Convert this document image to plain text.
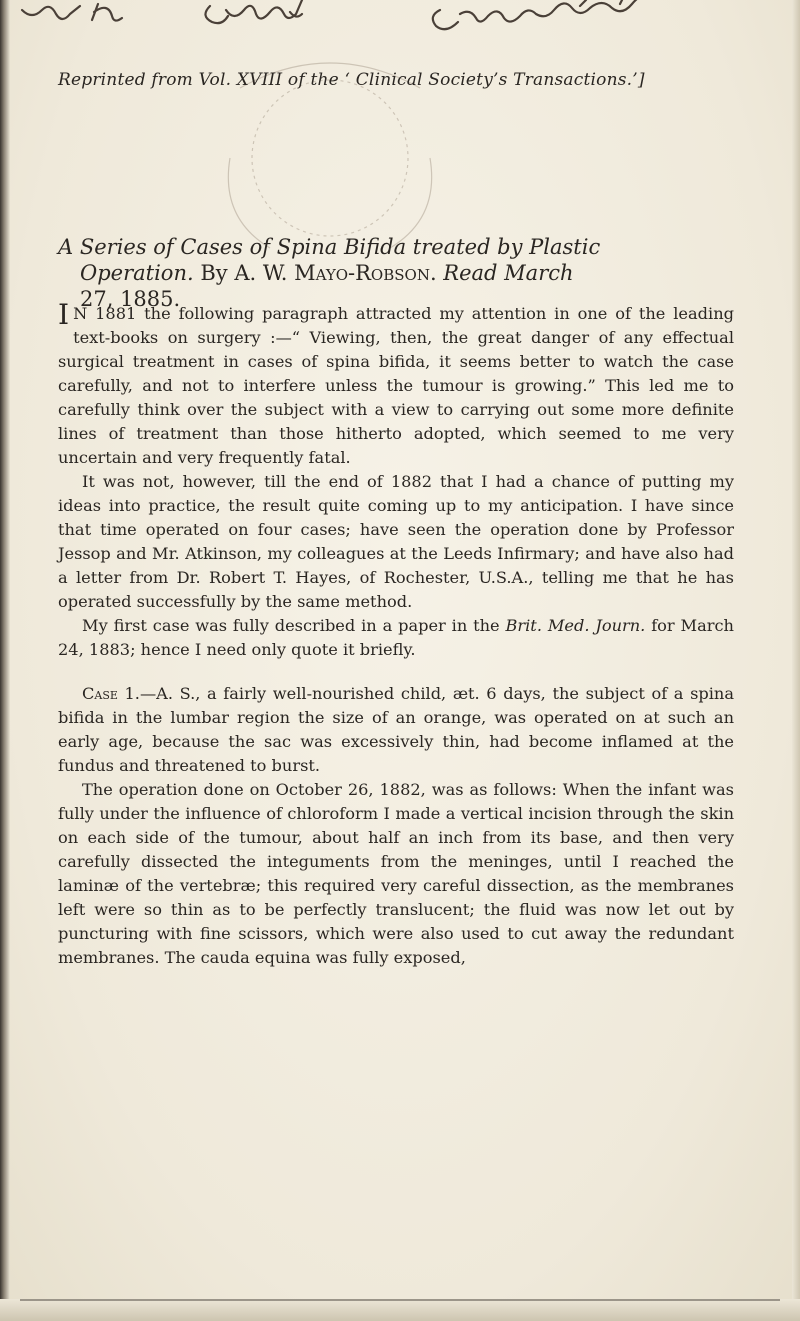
Reprinted from Vol. XVIII of the ‘ Clinical Society’s Transactions.’]
A Series of Cases of Spina Bifida treated by Plastic
Operation. By A. W. Mayo-Robson. Read March
27, 1885.

I N 1881 the following paragraph attracted my attention in one of the leading text-books on surgery :—“ Viewing, then, the great danger of any effectual surgical treatment in cases of spina bifida, it seems better to watch the case carefully, and not to interfere unless the tumour is growing.” This led me to carefully think over the subject with a view to carrying out some more definite lines of treatment than those hitherto adopted, which seemed to me very uncertain and very frequently fatal.

It was not, however, till the end of 1882 that I had a chance of putting my ideas into practice, the result quite coming up to my anticipation. I have since that time operated on four cases; have seen the operation done by Professor Jessop and Mr. Atkinson, my colleagues at the Leeds Infirmary; and have also had a letter from Dr. Robert T. Hayes, of Rochester, U.S.A., telling me that he has operated successfully by the same method.

My first case was fully described in a paper in the Brit. Med. Journ. for March 24, 1883; hence I need only quote it briefly.

Case 1.—A. S., a fairly well-nourished child, æt. 6 days, the subject of a spina bifida in the lumbar region the size of an orange, was operated on at such an early age, because the sac was excessively thin, had become inflamed at the fundus and threatened to burst.

The operation done on October 26, 1882, was as follows: When the infant was fully under the influence of chloroform I made a vertical incision through the skin on each side of the tumour, about half an inch from its base, and then very carefully dissected the integuments from the meninges, until I reached the laminæ of the vertebræ; this required very careful dissection, as the membranes left were so thin as to be perfectly translucent; the fluid was now let out by puncturing with fine scissors, which were also used to cut away the redundant membranes. The cauda equina was fully exposed,
